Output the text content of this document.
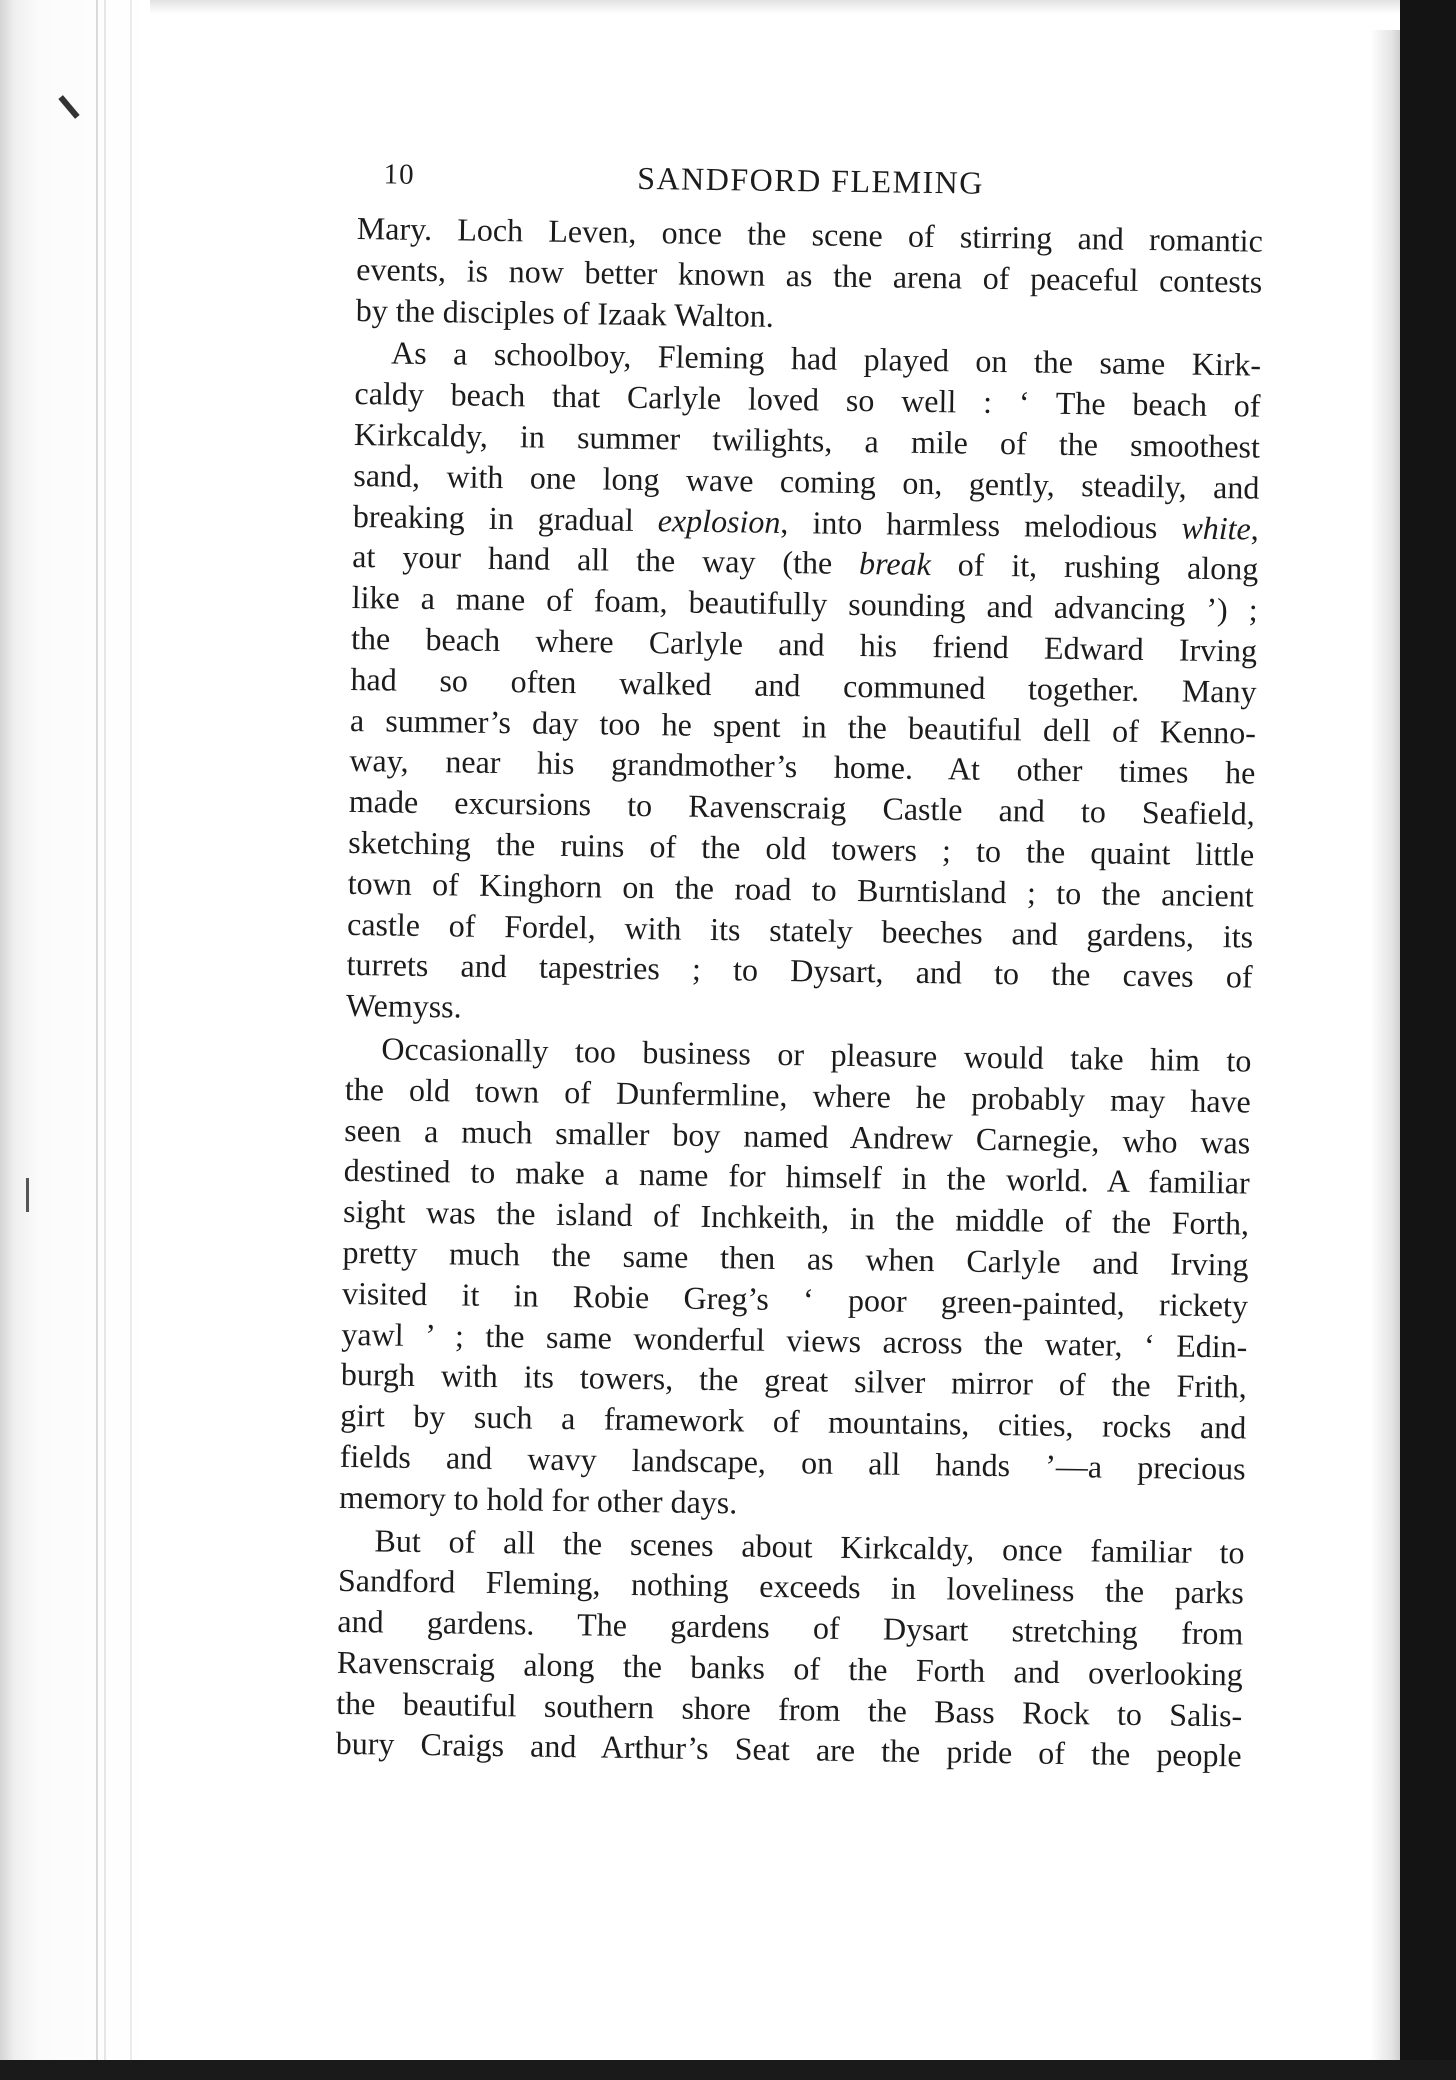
10	SANDFORD FLEMING
Mary. Loch Leven, once the scene of stirring and romantic
events, is now better known as the arena of peaceful contests
by the disciples of Izaak Walton.
As a schoolboy, Fleming had played on the same Kirk-
caldy beach that Carlyle loved so well : ‘ The beach of
Kirkcaldy, in summer twilights, a mile of the smoothest
sand, with one long wave coming on, gently, steadily, and
breaking in gradual explosion, into harmless melodious white,
at your hand all the way (the break of it, rushing along
like a mane of foam, beautifully sounding and advancing ’) ;
the beach where Carlyle and his friend Edward Irving
had so often walked and communed together. Many
a summer’s day too he spent in the beautiful dell of Kenno-
way, near his grandmother’s home. At other times he
made excursions to Ravenscraig Castle and to Seafield,
sketching the ruins of the old towers ; to the quaint little
town of Kinghorn on the road to Burntisland ; to the ancient
castle of Fordel, with its stately beeches and gardens, its
turrets and tapestries ; to Dysart, and to the caves of
Wemyss.
Occasionally too business or pleasure would take him to
the old town of Dunfermline, where he probably may have
seen a much smaller boy named Andrew Carnegie, who was
destined to make a name for himself in the world. A familiar
sight was the island of Inchkeith, in the middle of the Forth,
pretty much the same then as when Carlyle and Irving
visited it in Robie Greg’s ‘ poor green-painted, rickety
yawl ’ ; the same wonderful views across the water, ‘ Edin-
burgh with its towers, the great silver mirror of the Frith,
girt by such a framework of mountains, cities, rocks and
fields and wavy landscape, on all hands ’—a precious
memory to hold for other days.
But of all the scenes about Kirkcaldy, once familiar to
Sandford Fleming, nothing exceeds in loveliness the parks
and gardens. The gardens of Dysart stretching from
Ravenscraig along the banks of the Forth and overlooking
the beautiful southern shore from the Bass Rock to Salis-
bury Craigs and Arthur’s Seat are the pride of the people
